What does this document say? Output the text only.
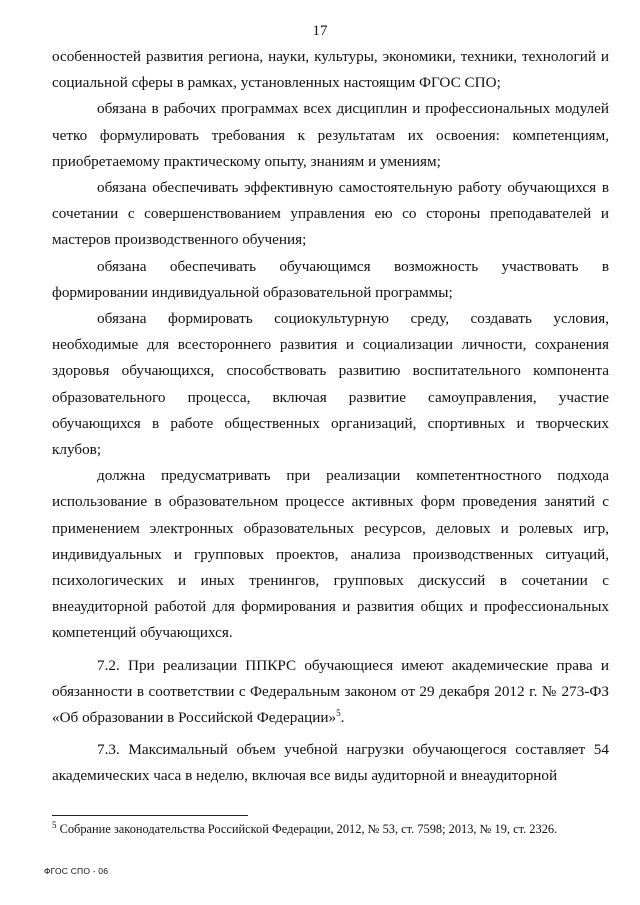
17

особенностей развития региона, науки, культуры, экономики, техники, технологий и социальной сферы в рамках, установленных настоящим ФГОС СПО;

обязана в рабочих программах всех дисциплин и профессиональных модулей четко формулировать требования к результатам их освоения: компетенциям, приобретаемому практическому опыту, знаниям и умениям;

обязана обеспечивать эффективную самостоятельную работу обучающихся в сочетании с совершенствованием управления ею со стороны преподавателей и мастеров производственного обучения;

обязана обеспечивать обучающимся возможность участвовать в формировании индивидуальной образовательной программы;

обязана формировать социокультурную среду, создавать условия, необходимые для всестороннего развития и социализации личности, сохранения здоровья обучающихся, способствовать развитию воспитательного компонента образовательного процесса, включая развитие самоуправления, участие обучающихся в работе общественных организаций, спортивных и творческих клубов;

должна предусматривать при реализации компетентностного подхода использование в образовательном процессе активных форм проведения занятий с применением электронных образовательных ресурсов, деловых и ролевых игр, индивидуальных и групповых проектов, анализа производственных ситуаций, психологических и иных тренингов, групповых дискуссий в сочетании с внеаудиторной работой для формирования и развития общих и профессиональных компетенций обучающихся.

7.2. При реализации ППКРС обучающиеся имеют академические права и обязанности в соответствии с Федеральным законом от 29 декабря 2012 г. № 273-ФЗ «Об образовании в Российской Федерации»$^5$.

7.3. Максимальный объем учебной нагрузки обучающегося составляет 54 академических часа в неделю, включая все виды аудиторной и внеаудиторной

$^5$ Собрание законодательства Российской Федерации, 2012, № 53, ст. 7598; 2013, № 19, ст. 2326.
ФГОС СПО - 06
